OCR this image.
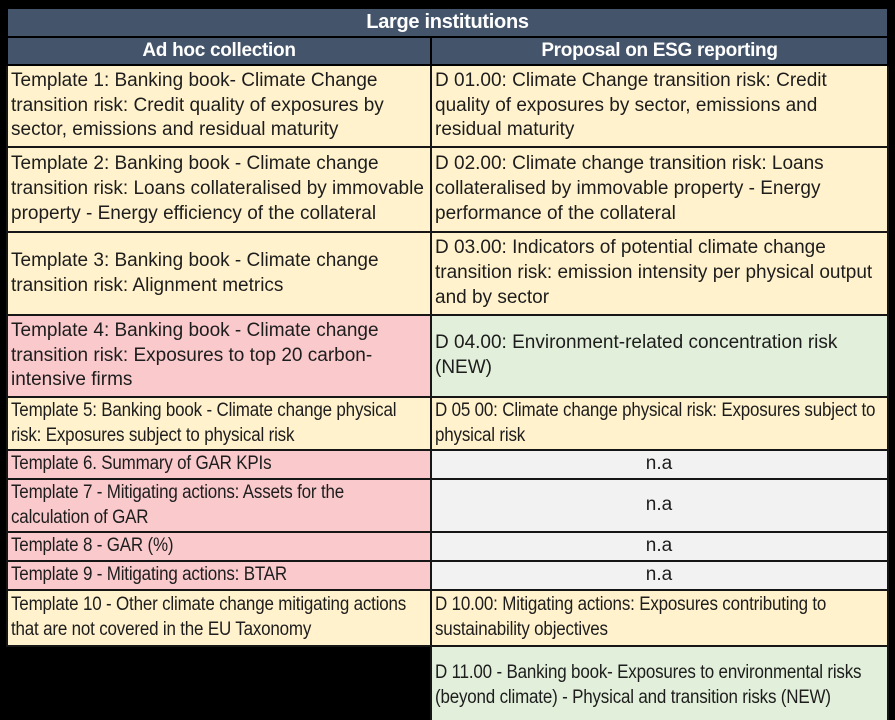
Large institutions	
Ad hoc collection	Proposal on ESG reporting
Template 1: Banking book- Climate Change transition risk: Credit quality of exposures by sector, emissions and residual maturity	D 01.00: Climate Change transition risk: Credit quality of exposures by sector, emissions and residual maturity
Template 2: Banking book - Climate change transition risk: Loans collateralised by immovable property - Energy efficiency of the collateral	D 02.00: Climate change transition risk: Loans collateralised by immovable property - Energy performance of the collateral
Template 3: Banking book - Climate change transition risk: Alignment metrics	D 03.00: Indicators of potential climate change transition risk: emission intensity per physical output and by sector
Template 4: Banking book - Climate change transition risk: Exposures to top 20 carbon-intensive firms	D 04.00: Environment-related concentration risk (NEW)
Template 5: Banking book - Climate change physical risk: Exposures subject to physical risk	D 05 00: Climate change physical risk: Exposures subject to physical risk
Template 6. Summary of GAR KPIs	n.a
Template 7 - Mitigating actions: Assets for the calculation of GAR	n.a
Template 8 - GAR (%)	n.a
Template 9 - Mitigating actions: BTAR	n.a
Template 10 - Other climate change mitigating actions that are not covered in the EU Taxonomy	D 10.00: Mitigating actions: Exposures contributing to sustainability objectives
	D 11.00 - Banking book- Exposures to environmental risks (beyond climate) - Physical and transition risks (NEW)
